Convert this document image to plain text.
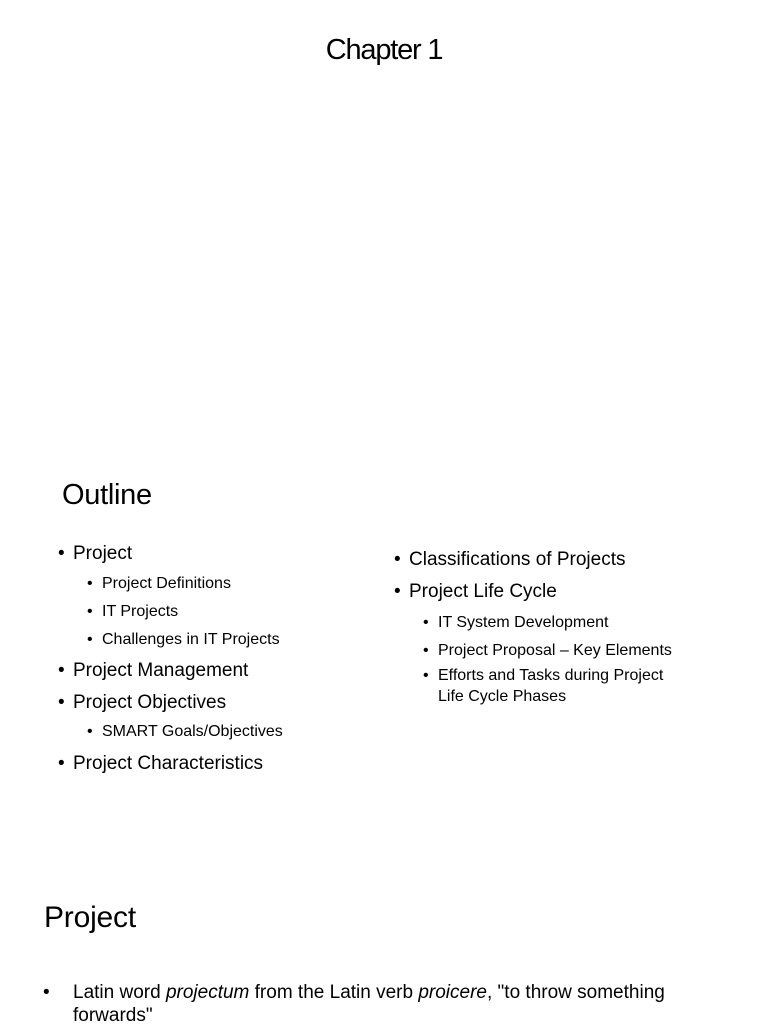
Chapter 1
Outline
• Project
• Project Definitions
• IT Projects
• Challenges in IT Projects
• Project Management
• Project Objectives
• SMART Goals/Objectives
• Project Characteristics
• Classifications of Projects
• Project Life Cycle
• IT System Development
• Project Proposal – Key Elements
• Efforts and Tasks during Project
Life Cycle Phases
Project
• Latin word projectum from the Latin verb proicere, "to throw something forwards"
